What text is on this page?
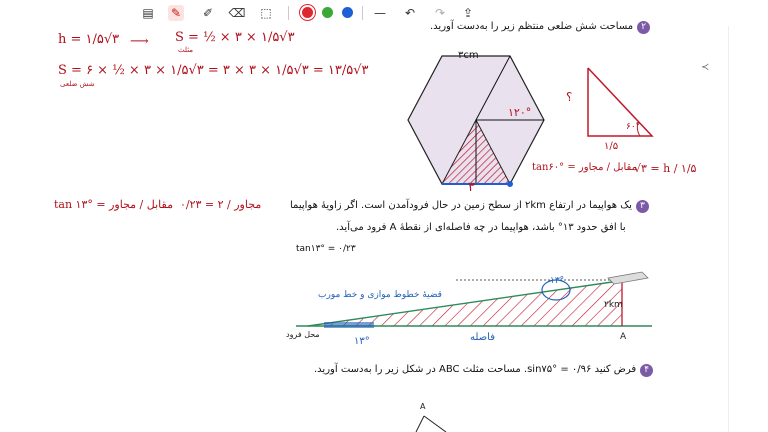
▤ ✎ ✐ ⌫ ⬚	— ↶ ↷ ⇪
≺
۲مساحت شش ضلعی منتظم زیر را به‌دست آورید.
h = ۱/۵√۳ ⟶ S = ½ × ۳ × ۱/۵√۳
مثلث
S = ۶ × ½ × ۳ × ۱/۵√۳ = ۳ × ۳ × ۱/۵√۳ = ۱۳/۵√۳
شش ضلعی
۳cm
۱۲۰°
۳
؟
۶۰°
۱/۵
tan۶۰° = مقابل / مجاور
√۳ = h / ۱/۵
۳یک هواپیما در ارتفاع ۲km از سطح زمین در حال فرودآمدن است. اگر زاویهٔ هواپیما
با افق حدود ۱۳° باشد، هواپیما در چه فاصله‌ای از نقطهٔ A فرود می‌آید.
tan۱۳° = ۰/۲۳
tan ۱۳° = مقابل / مجاور ۰/۲۳ = ۲ / مجاور
قضیهٔ خطوط موازی و خط مورب
فاصله
۱۳°
۱۳°
۲km
A
محل فرود
۴فرض کنید ۰/۹۶ = sin۷۵°. مساحت مثلث ABC در شکل زیر را به‌دست آورید.
A
